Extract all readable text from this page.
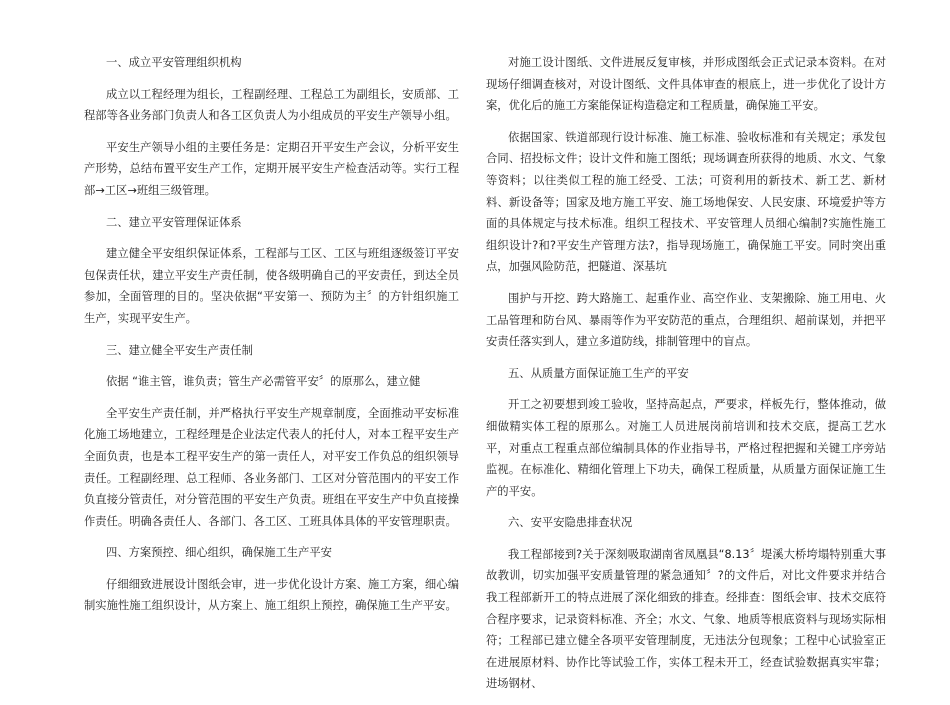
一、成立平安管理组织机构

成立以工程经理为组长，工程副经理、工程总工为副组长，安质部、工程部等各业务部门负责人和各工区负责人为小组成员的平安生产领导小组。

平安生产领导小组的主要任务是：定期召开平安生产会议，分析平安生产形势，总结布置平安生产工作，定期开展平安生产检查活动等。实行工程部→工区→班组三级管理。

二、建立平安管理保证体系

建立健全平安组织保证体系，工程部与工区、工区与班组逐级签订平安包保责任状，建立平安生产责任制，使各级明确自己的平安责任，到达全员参加，全面管理的目的。坚决依据“平安第一、预防为主〞的方针组织施工生产，实现平安生产。

三、建立健全平安生产责任制

依据 “谁主管，谁负责；管生产必需管平安〞的原那么，建立健

全平安生产责任制，并严格执行平安生产规章制度，全面推动平安标准化施工场地建立，工程经理是企业法定代表人的托付人，对本工程平安生产全面负责，也是本工程平安生产的第一责任人，对平安工作负总的组织领导责任。工程副经理、总工程师、各业务部门、工区对分管范围内的平安工作负直接分管责任，对分管范围的平安生产负责。班组在平安生产中负直接操作责任。明确各责任人、各部门、各工区、工班具体具体的平安管理职责。

四、方案预控、细心组织，确保施工生产平安

仔细细致进展设计图纸会审，进一步优化设计方案、施工方案，细心编制实施性施工组织设计，从方案上、施工组织上预控，确保施工生产平安。

对施工设计图纸、文件进展反复审核，并形成图纸会正式记录本资料。在对现场仔细调查核对，对设计图纸、文件具体审查的根底上，进一步优化了设计方案，优化后的施工方案能保证构造稳定和工程质量，确保施工平安。

依据国家、铁道部现行设计标准、施工标准、验收标准和有关规定；承发包合同、招投标文件；设计文件和施工图纸；现场调查所获得的地质、水文、气象等资料；以往类似工程的施工经受、工法；可资利用的新技术、新工艺、新材料、新设备等；国家及地方施工平安、施工场地保安、人民安康、环境爱护等方面的具体规定与技术标准。组织工程技术、平安管理人员细心编制?实施性施工组织设计?和?平安生产管理方法?，指导现场施工，确保施工平安。同时突出重点，加强风险防范，把隧道、深基坑

围护与开挖、跨大路施工、起重作业、高空作业、支架搬除、施工用电、火工品管理和防台风、暴雨等作为平安防范的重点，合理组织、超前谋划，并把平安责任落实到人，建立多道防线，排制管理中的盲点。

五、从质量方面保证施工生产的平安

开工之初要想到竣工验收，坚持高起点，严要求，样板先行，整体推动，做细做精实体工程的原那么。对施工人员进展岗前培训和技术交底，提高工艺水平，对重点工程重点部位编制具体的作业指导书，严格过程把握和关键工序旁站监视。在标准化、精细化管理上下功夫，确保工程质量，从质量方面保证施工生产的平安。

六、安平安隐患排查状况

我工程部接到?关于深刻吸取湖南省凤凰县“8.13〞堤溪大桥垮塌特别重大事故教训，切实加强平安质量管理的紧急通知〞?的文件后，对比文件要求并结合我工程部新开工的特点进展了深化细致的排查。经排查：图纸会审、技术交底符合程序要求，记录资料标准、齐全；水文、气象、地质等根底资料与现场实际相符；工程部已建立健全各项平安管理制度，无违法分包现象；工程中心试验室正在进展原材料、协作比等试验工作，实体工程未开工，经查试验数据真实牢靠；进场钢材、
